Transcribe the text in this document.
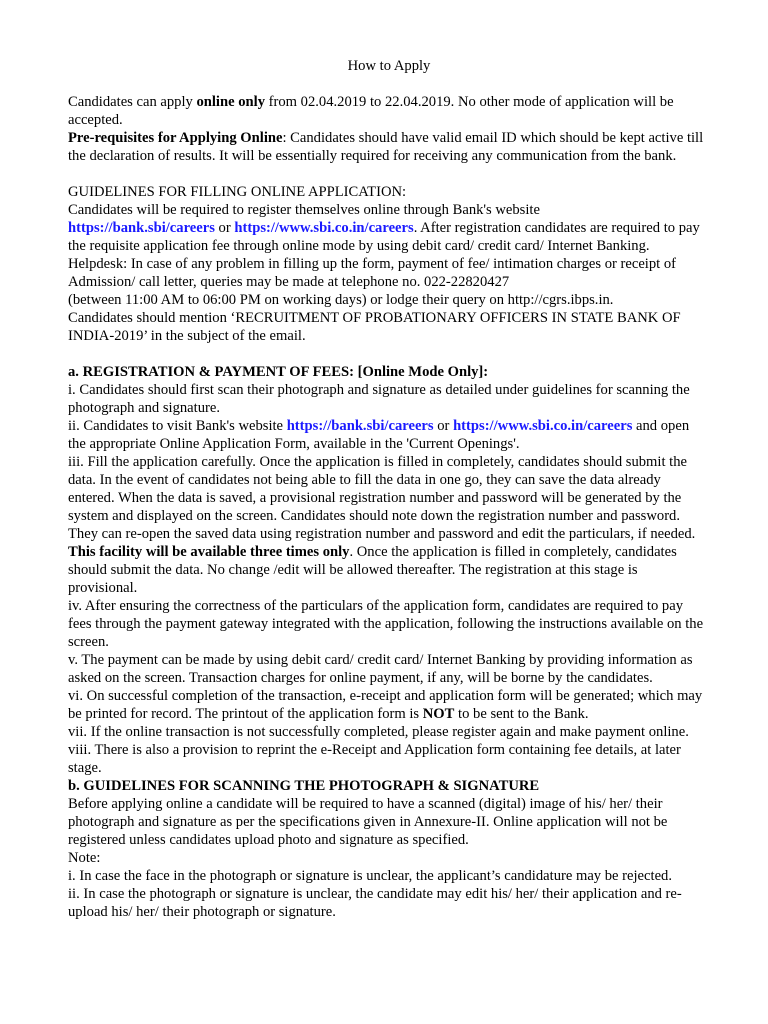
How to Apply

Candidates can apply online only from 02.04.2019 to 22.04.2019. No other mode of application will be accepted.

Pre-requisites for Applying Online: Candidates should have valid email ID which should be kept active till the declaration of results. It will be essentially required for receiving any communication from the bank.

GUIDELINES FOR FILLING ONLINE APPLICATION:

Candidates will be required to register themselves online through Bank's website

https://bank.sbi/careers or https://www.sbi.co.in/careers. After registration candidates are required to pay the requisite application fee through online mode by using debit card/ credit card/ Internet Banking.

Helpdesk: In case of any problem in filling up the form, payment of fee/ intimation charges or receipt of Admission/ call letter, queries may be made at telephone no. 022-22820427

(between 11:00 AM to 06:00 PM on working days) or lodge their query on http://cgrs.ibps.in.

Candidates should mention ‘RECRUITMENT OF PROBATIONARY OFFICERS IN STATE BANK OF INDIA-2019’ in the subject of the email.

a. REGISTRATION & PAYMENT OF FEES: [Online Mode Only]:

i. Candidates should first scan their photograph and signature as detailed under guidelines for scanning the photograph and signature.

ii. Candidates to visit Bank's website https://bank.sbi/careers or https://www.sbi.co.in/careers and open the appropriate Online Application Form, available in the 'Current Openings'.

iii. Fill the application carefully. Once the application is filled in completely, candidates should submit the data. In the event of candidates not being able to fill the data in one go, they can save the data already entered. When the data is saved, a provisional registration number and password will be generated by the system and displayed on the screen. Candidates should note down the registration number and password. They can re-open the saved data using registration number and password and edit the particulars, if needed. This facility will be available three times only. Once the application is filled in completely, candidates should submit the data. No change /edit will be allowed thereafter. The registration at this stage is provisional.

iv. After ensuring the correctness of the particulars of the application form, candidates are required to pay fees through the payment gateway integrated with the application, following the instructions available on the screen.

v. The payment can be made by using debit card/ credit card/ Internet Banking by providing information as asked on the screen. Transaction charges for online payment, if any, will be borne by the candidates.

vi. On successful completion of the transaction, e-receipt and application form will be generated; which may be printed for record. The printout of the application form is NOT to be sent to the Bank.

vii. If the online transaction is not successfully completed, please register again and make payment online.

viii. There is also a provision to reprint the e-Receipt and Application form containing fee details, at later stage.

b. GUIDELINES FOR SCANNING THE PHOTOGRAPH & SIGNATURE

Before applying online a candidate will be required to have a scanned (digital) image of his/ her/ their photograph and signature as per the specifications given in Annexure-II. Online application will not be registered unless candidates upload photo and signature as specified.

Note:

i. In case the face in the photograph or signature is unclear, the applicant’s candidature may be rejected.

ii. In case the photograph or signature is unclear, the candidate may edit his/ her/ their application and re-upload his/ her/ their photograph or signature.
